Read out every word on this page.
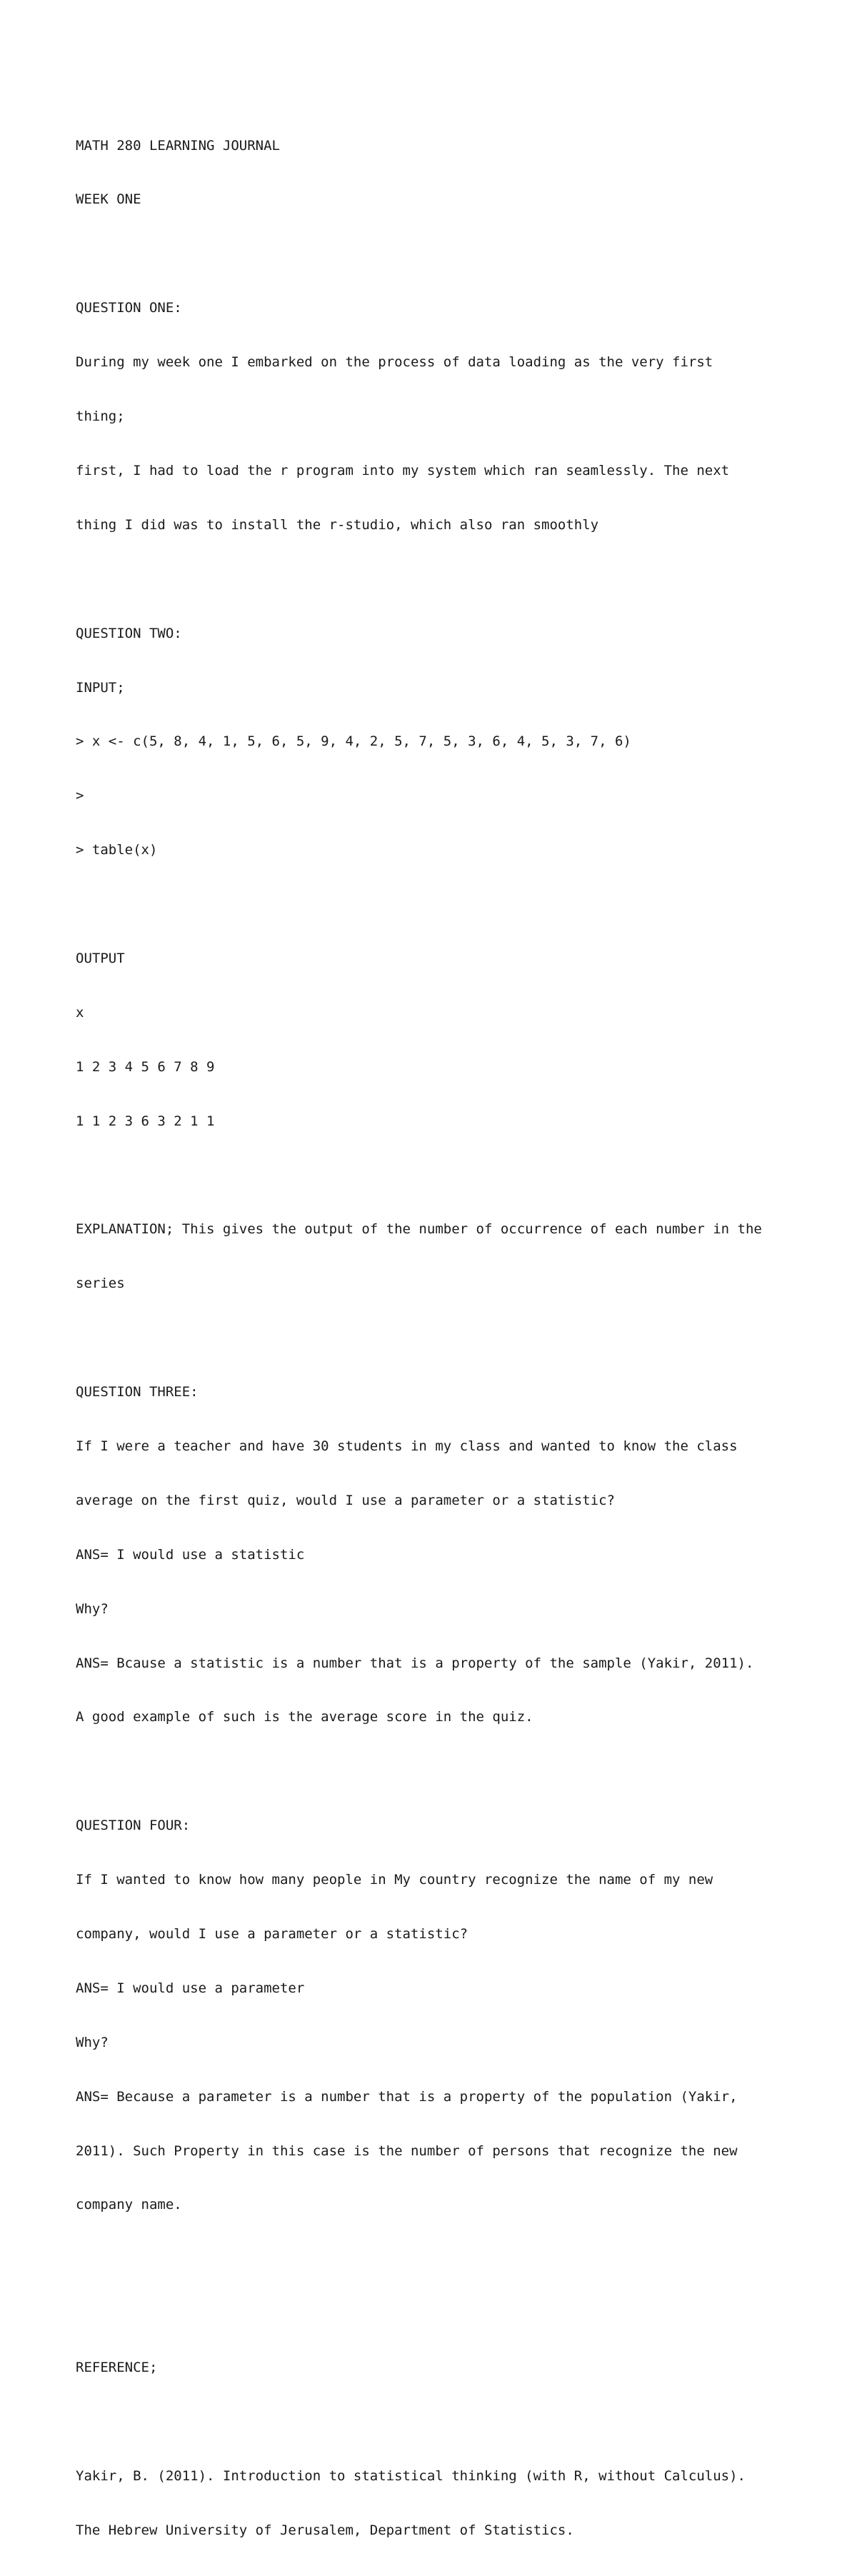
MATH 280 LEARNING JOURNAL

WEEK ONE

QUESTION ONE:

During my week one I embarked on the process of data loading as the very first

thing;

first, I had to load the r program into my system which ran seamlessly. The next

thing I did was to install the r-studio, which also ran smoothly

QUESTION TWO:

INPUT;

> x <- c(5, 8, 4, 1, 5, 6, 5, 9, 4, 2, 5, 7, 5, 3, 6, 4, 5, 3, 7, 6)

>

> table(x)

OUTPUT

x

1 2 3 4 5 6 7 8 9

1 1 2 3 6 3 2 1 1

EXPLANATION; This gives the output of the number of occurrence of each number in the

series

QUESTION THREE:

If I were a teacher and have 30 students in my class and wanted to know the class

average on the first quiz, would I use a parameter or a statistic?

ANS= I would use a statistic

Why?

ANS= Bcause a statistic is a number that is a property of the sample (Yakir, 2011).

A good example of such is the average score in the quiz.

QUESTION FOUR:

If I wanted to know how many people in My country recognize the name of my new

company, would I use a parameter or a statistic?

ANS= I would use a parameter

Why?

ANS= Because a parameter is a number that is a property of the population (Yakir,

2011). Such Property in this case is the number of persons that recognize the new

company name.

REFERENCE;

Yakir, B. (2011). Introduction to statistical thinking (with R, without Calculus).

The Hebrew University of Jerusalem, Department of Statistics.
